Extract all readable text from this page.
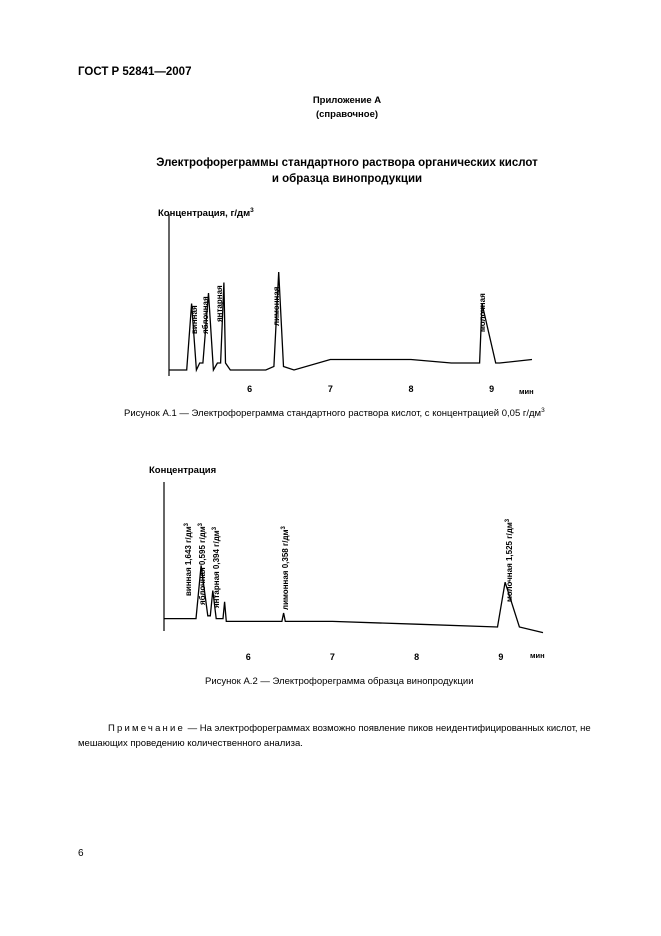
ГОСТ Р 52841—2007
Приложение А
(справочное)
Электрофореграммы стандартного раствора органических кислот
и образца винопродукции
Концентрация, $г/дм^3$
6	7	8	9	мин
винная яблочная янтарная	лимонная	молочная
Концентрация
6	7	8	9	мин
винная 1,643 $г/дм^3$
яблочная 0,595 $г/дм^3$
янтарная 0,394 $г/дм^3$
лимонная 0,358 $г/дм^3$	молочная 1,525 $г/дм^3$
Рисунок А.1 — Электрофореграмма стандартного раствора кислот, с концентрацией 0,05 $г/дм^3$
Рисунок А.2 — Электрофореграмма образца винопродукции
Примечание — На электрофореграммах возможно появление пиков неидентифицированных кислот, не мешающих проведению количественного анализа.
6
